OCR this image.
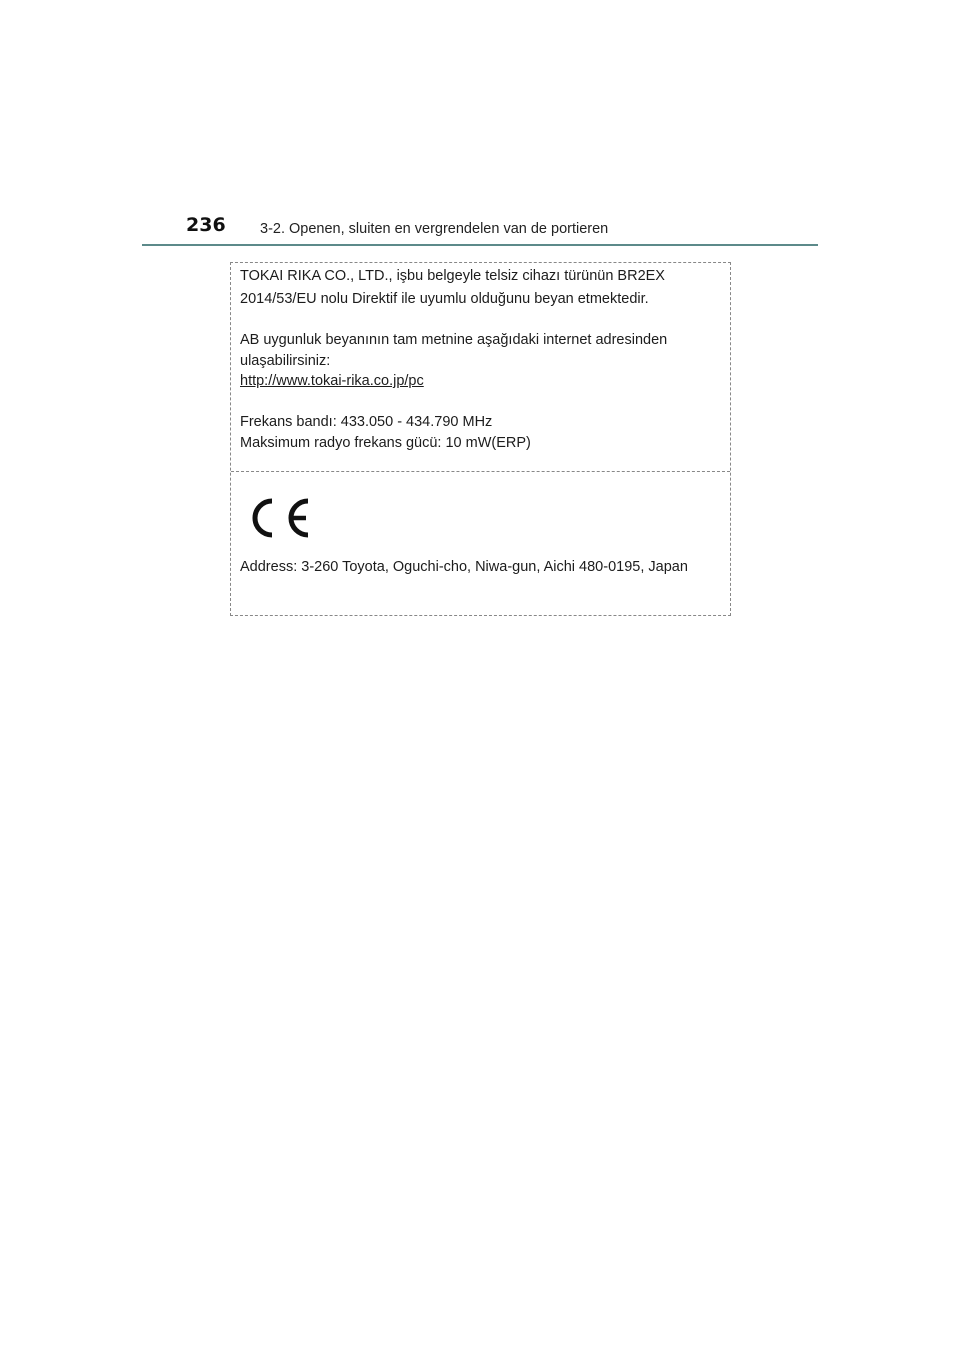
236 3-2. Openen, sluiten en vergrendelen van de portieren
TOKAI RIKA CO., LTD., işbu belgeyle telsiz cihazı türünün BR2EX
2014/53/EU nolu Direktif ile uyumlu olduğunu beyan etmektedir.
AB uygunluk beyanının tam metnine aşağıdaki internet adresinden
ulaşabilirsiniz:
http://www.tokai-rika.co.jp/pc
Frekans bandı: 433.050 - 434.790 MHz
Maksimum radyo frekans gücü: 10 mW(ERP)
Address: 3-260 Toyota, Oguchi-cho, Niwa-gun, Aichi 480-0195, Japan
